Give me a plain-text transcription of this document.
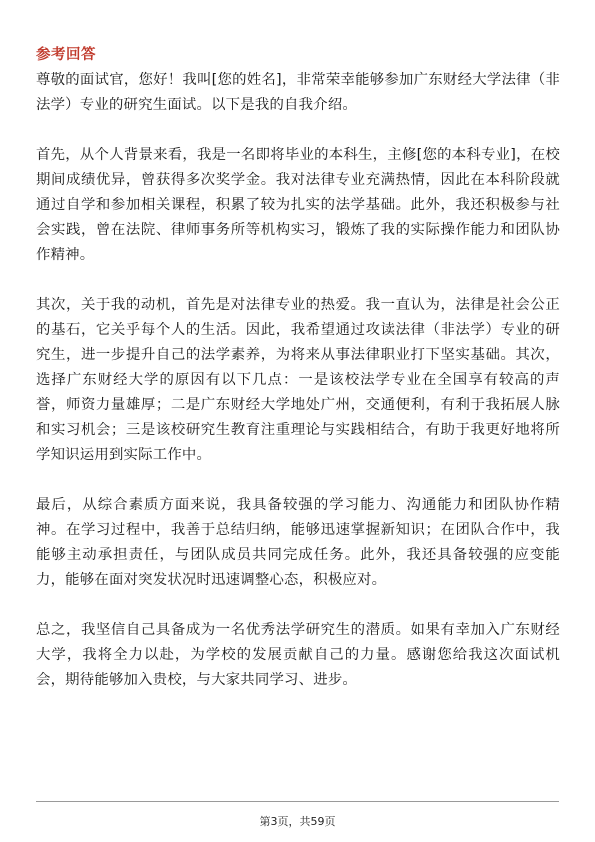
参考回答

尊敬的面试官，您好！我叫[您的姓名]，非常荣幸能够参加广东财经大学法律（非法学）专业的研究生面试。以下是我的自我介绍。

首先，从个人背景来看，我是一名即将毕业的本科生，主修[您的本科专业]，在校期间成绩优异，曾获得多次奖学金。我对法律专业充满热情，因此在本科阶段就通过自学和参加相关课程，积累了较为扎实的法学基础。此外，我还积极参与社会实践，曾在法院、律师事务所等机构实习，锻炼了我的实际操作能力和团队协作精神。

其次，关于我的动机，首先是对法律专业的热爱。我一直认为，法律是社会公正的基石，它关乎每个人的生活。因此，我希望通过攻读法律（非法学）专业的研究生，进一步提升自己的法学素养，为将来从事法律职业打下坚实基础。其次，选择广东财经大学的原因有以下几点：一是该校法学专业在全国享有较高的声誉，师资力量雄厚；二是广东财经大学地处广州，交通便利，有利于我拓展人脉和实习机会；三是该校研究生教育注重理论与实践相结合，有助于我更好地将所学知识运用到实际工作中。

最后，从综合素质方面来说，我具备较强的学习能力、沟通能力和团队协作精神。在学习过程中，我善于总结归纳，能够迅速掌握新知识；在团队合作中，我能够主动承担责任，与团队成员共同完成任务。此外，我还具备较强的应变能力，能够在面对突发状况时迅速调整心态，积极应对。

总之，我坚信自己具备成为一名优秀法学研究生的潜质。如果有幸加入广东财经大学，我将全力以赴，为学校的发展贡献自己的力量。感谢您给我这次面试机会，期待能够加入贵校，与大家共同学习、进步。

第3页，共59页
